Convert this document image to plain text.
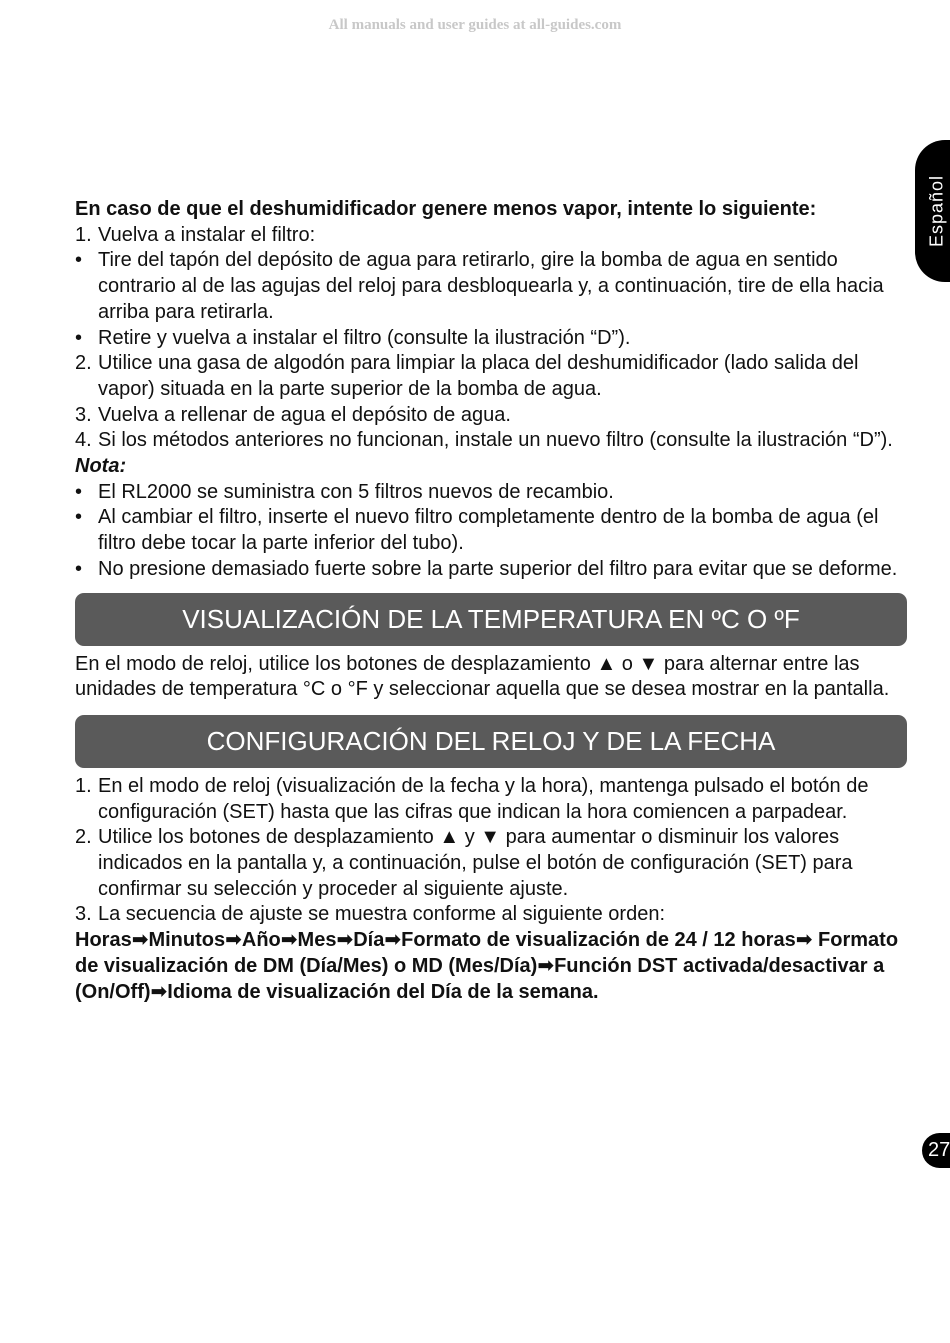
All manuals and user guides at all-guides.com
Español
En caso de que el deshumidificador genere menos vapor, intente lo siguiente:
1. Vuelva a instalar el filtro:
• Tire del tapón del depósito de agua para retirarlo, gire la bomba de agua en sentido contrario al de las agujas del reloj para desbloquearla y, a continuación, tire de ella hacia arriba para retirarla.
• Retire y vuelva a instalar el filtro (consulte la ilustración “D”).
2. Utilice una gasa de algodón para limpiar la placa del deshumidificador (lado salida del vapor) situada en la parte superior de la bomba de agua.
3. Vuelva a rellenar de agua el depósito de agua.
4. Si los métodos anteriores no funcionan, instale un nuevo filtro (consulte la ilustración “D”).
Nota:
• El RL2000 se suministra con 5 filtros nuevos de recambio.
• Al cambiar el filtro, inserte el nuevo filtro completamente dentro de la bomba de agua (el filtro debe tocar la parte inferior del tubo).
• No presione demasiado fuerte sobre la parte superior del filtro para evitar que se deforme.
VISUALIZACIÓN DE LA TEMPERATURA EN ºC O ºF
En el modo de reloj, utilice los botones de desplazamiento ▲ o ▼ para alternar entre las unidades de temperatura °C o °F y seleccionar aquella que se desea mostrar en la pantalla.
CONFIGURACIÓN DEL RELOJ Y DE LA FECHA
1. En el modo de reloj (visualización de la fecha y la hora), mantenga pulsado el botón de configuración (SET) hasta que las cifras que indican la hora comiencen a parpadear.
2. Utilice los botones de desplazamiento ▲ y ▼ para aumentar o disminuir los valores indicados en la pantalla y, a continuación, pulse el botón de configuración (SET) para confirmar su selección y proceder al siguiente ajuste.
3. La secuencia de ajuste se muestra conforme al siguiente orden:
Horas➡Minutos➡Año➡Mes➡Día➡Formato de visualización de 24 / 12 horas➡ Formato de visualización de DM (Día/Mes) o MD (Mes/Día)➡Función DST activada/desactivar a (On/Off)➡Idioma de visualización del Día de la semana.
27
